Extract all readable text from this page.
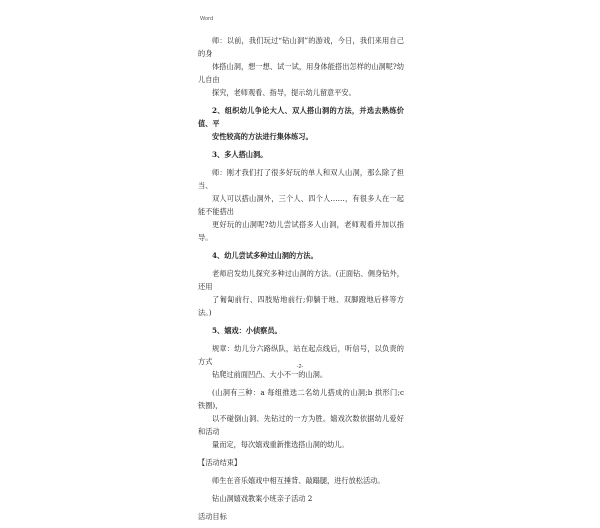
Word
师：以前，我们玩过“钻山洞”的游戏，今日，我们来用自己的身
体搭山洞，想一想、试一试，用身体能搭出怎样的山洞呢?幼儿自由
探究，老师观看、指导，提示幼儿留意平安。
2、组织幼儿争论大人、双人搭山洞的方法，并选去熟练价值、平
安性较高的方法进行集体练习。
3、多人搭山洞。
师：刚才我们打了很多好玩的单人和双人山洞，那么除了担当、
双人可以搭山洞外，三个人、四个人……，有很多人在一起能不能搭出
更好玩的山洞呢?幼儿尝试搭多人山洞，老师观看并加以指导。
4、幼儿尝试多种过山洞的方法。
老师启发幼儿探究多种过山洞的方法。(正面钻、侧身钻外，还用
了匍匐前行、四肢贴地前行;仰躺于地、双脚蹬地后移等方法。)
5、嬉戏：小侦察员。
规章：幼儿分六路纵队，站在起点线后，听信号，以负责的方式
钻爬过前面凹凸、大小不一的山洞。
(山洞有三种：a 每组推选二名幼儿搭成的山洞;b 拱形门;c 铁圈)，
以不碰倒山洞、先钻过的一方为胜。嬉戏次数依据幼儿爱好和活动
量而定，每次嬉戏重新推选搭山洞的幼儿。
【活动结束】
师生在音乐嬉戏中相互捶背、敲蹋腿，进行放松活动。
钻山洞嬉戏教案小班亲子活动 2
活动目标
-2-
